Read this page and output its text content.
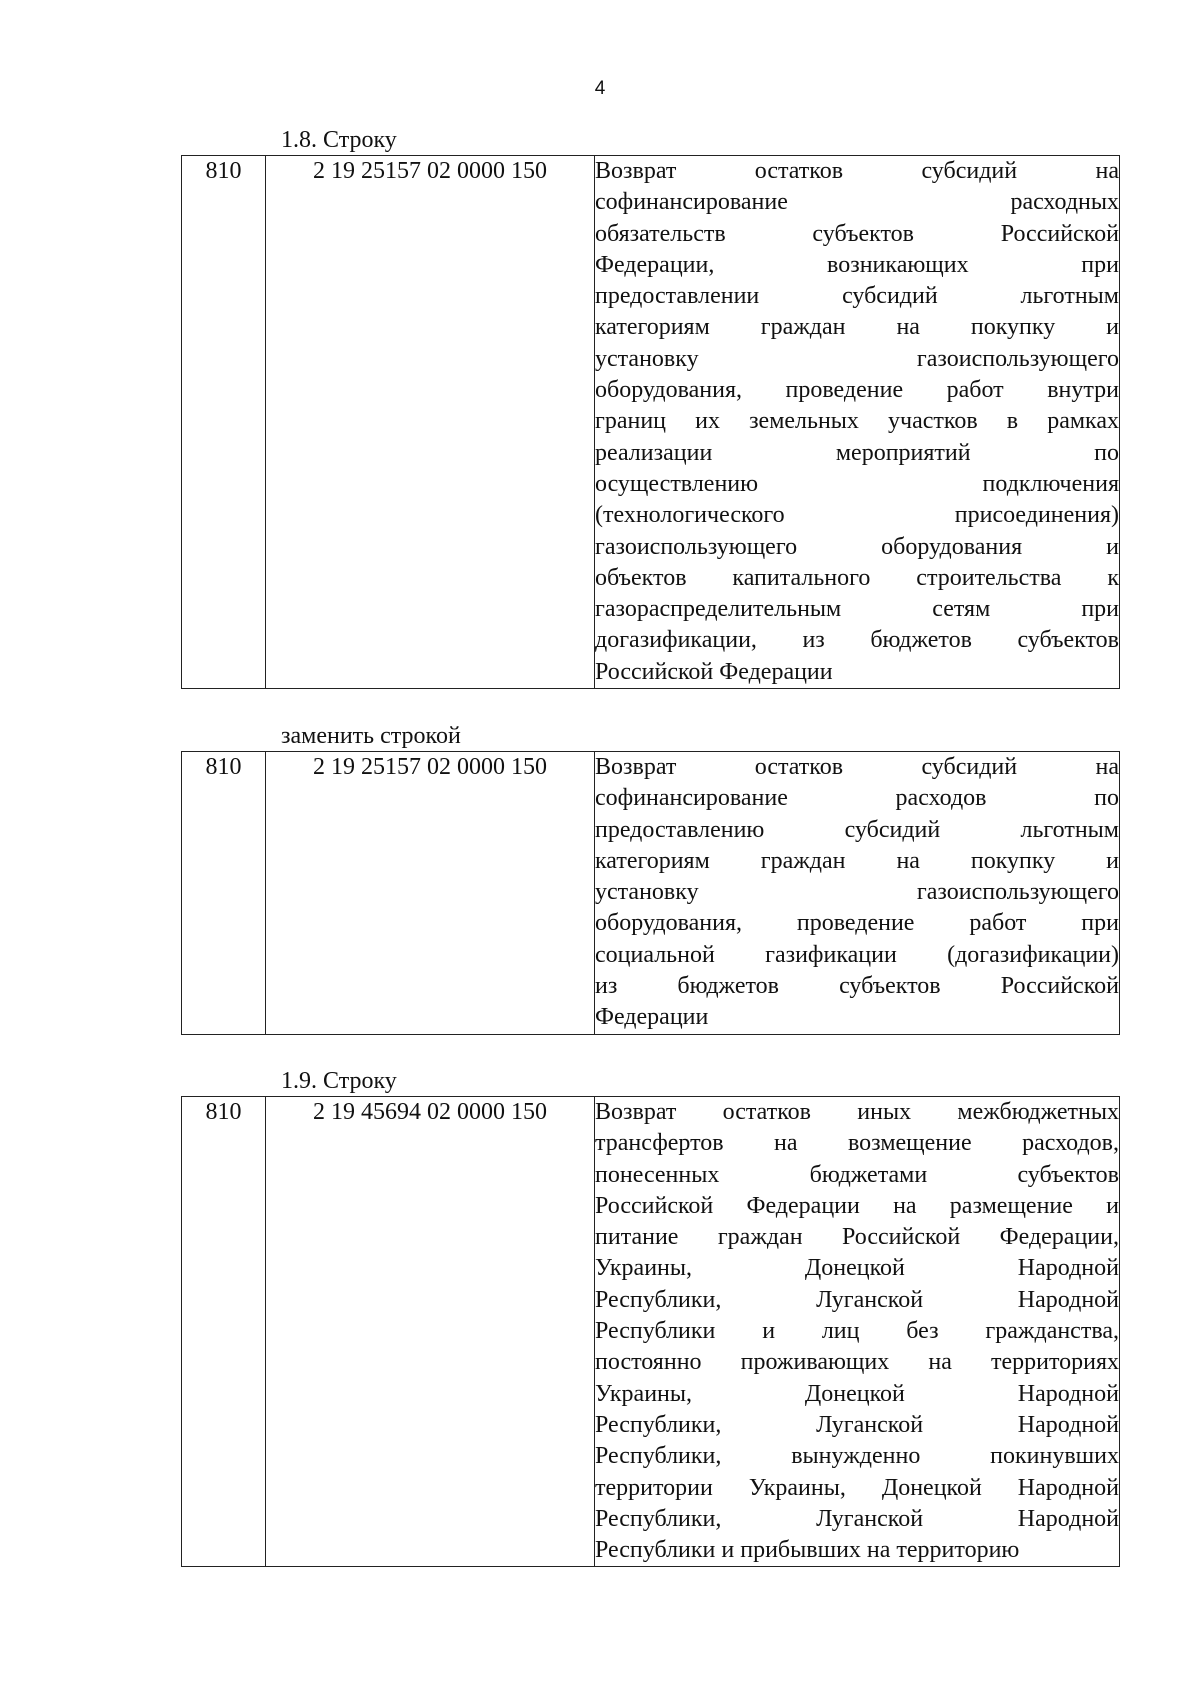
4
1.8. Строку
810	2 19 25157 02 0000 150	Возврат остатков субсидий на
софинансирование расходных
обязательств субъектов Российской
Федерации, возникающих при
предоставлении субсидий льготным
категориям граждан на покупку и
установку газоиспользующего
оборудования, проведение работ внутри
границ их земельных участков в рамках
реализации мероприятий по
осуществлению подключения
(технологического присоединения)
газоиспользующего оборудования и
объектов капитального строительства к
газораспределительным сетям при
догазификации, из бюджетов субъектов
Российской Федерации
заменить строкой
810	2 19 25157 02 0000 150	Возврат остатков субсидий на
софинансирование расходов по
предоставлению субсидий льготным
категориям граждан на покупку и
установку газоиспользующего
оборудования, проведение работ при
социальной газификации (догазификации)
из бюджетов субъектов Российской
Федерации
1.9. Строку
810	2 19 45694 02 0000 150	Возврат остатков иных межбюджетных
трансфертов на возмещение расходов,
понесенных бюджетами субъектов
Российской Федерации на размещение и
питание граждан Российской Федерации,
Украины, Донецкой Народной
Республики, Луганской Народной
Республики и лиц без гражданства,
постоянно проживающих на территориях
Украины, Донецкой Народной
Республики, Луганской Народной
Республики, вынужденно покинувших
территории Украины, Донецкой Народной
Республики, Луганской Народной
Республики и прибывших на территорию
